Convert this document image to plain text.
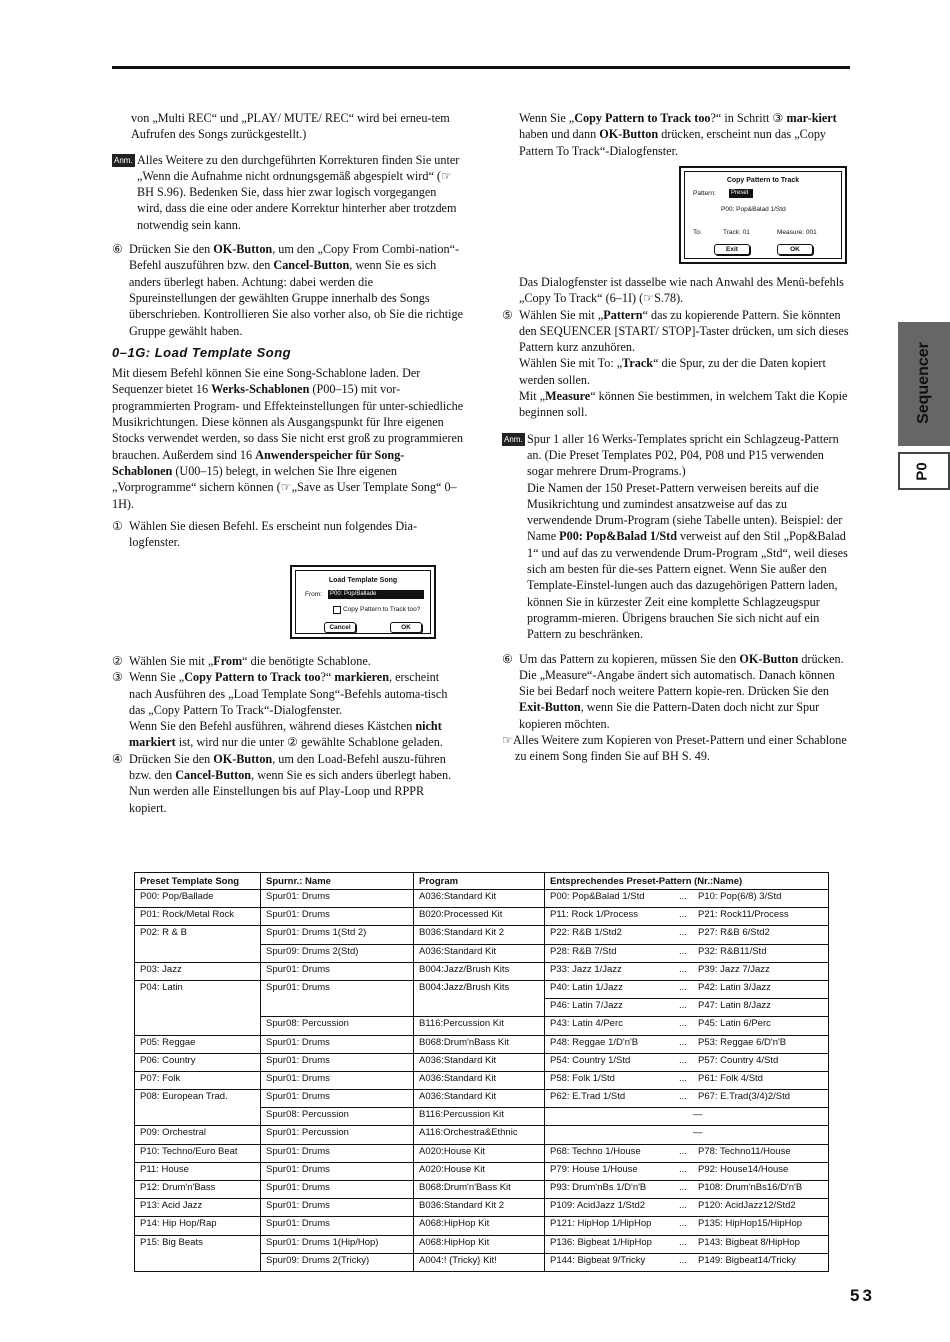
von „Multi REC“ und „PLAY/ MUTE/ REC“ wird bei erneu-tem Aufrufen des Songs zurückgestellt.)

Anm. Alles Weitere zu den durchgeführten Korrekturen finden Sie unter „Wenn die Aufnahme nicht ordnungsgemäß abgespielt wird“ (☞BH S.96). Bedenken Sie, dass hier zwar logisch vorgegangen wird, dass die eine oder andere Korrektur hinterher aber trotzdem notwendig sein kann.

⑥ Drücken Sie den OK-Button, um den „Copy From Combi-nation“-Befehl auszuführen bzw. den Cancel-Button, wenn Sie es sich anders überlegt haben. Achtung: dabei werden die Spureinstellungen der gewählten Gruppe innerhalb des Songs überschrieben. Kontrollieren Sie also vorher also, ob Sie die richtige Gruppe gewählt haben.

0–1G: Load Template Song

Mit diesem Befehl können Sie eine Song-Schablone laden. Der Sequenzer bietet 16 Werks-Schablonen (P00–15) mit vor-programmierten Program- und Effekteinstellungen für unter-schiedliche Musikrichtungen. Diese können als Ausgangspunkt für Ihre eigenen Stocks verwendet werden, so dass Sie nicht erst groß zu programmieren brauchen. Außerdem sind 16 Anwenderspeicher für Song-Schablonen (U00–15) belegt, in welchen Sie Ihre eigenen „Vorprogramme“ sichern können (☞„Save as User Template Song“ 0–1H).

① Wählen Sie diesen Befehl. Es erscheint nun folgendes Dia-logfenster.

Load Template Song
From:	P00: Pop/Ballade
Copy Pattern to Track too?
Cancel	OK

② Wählen Sie mit „From“ die benötigte Schablone.

③ Wenn Sie „Copy Pattern to Track too?“ markieren, erscheint nach Ausführen des „Load Template Song“-Befehls automa-tisch das „Copy Pattern To Track“-Dialogfenster.

Wenn Sie den Befehl ausführen, während dieses Kästchen nicht markiert ist, wird nur die unter ② gewählte Schablone geladen.

④ Drücken Sie den OK-Button, um den Load-Befehl auszu-führen bzw. den Cancel-Button, wenn Sie es sich anders überlegt haben. Nun werden alle Einstellungen bis auf Play-Loop und RPPR kopiert.

Wenn Sie „Copy Pattern to Track too?“ in Schritt ③ mar-kiert haben und dann OK-Button drücken, erscheint nun das „Copy Pattern To Track“-Dialogfenster.

Copy Pattern to Track
Pattern:	Preset
P00: Pop&Balad 1/Std
To:	Track: 01	Measure: 001
Exit	OK

Das Dialogfenster ist dasselbe wie nach Anwahl des Menü-befehls „Copy To Track“ (6–1I) (☞S.78).

⑤ Wählen Sie mit „Pattern“ das zu kopierende Pattern. Sie könnten den SEQUENCER [START/ STOP]-Taster drücken, um sich dieses Pattern kurz anzuhören.

Wählen Sie mit To: „Track“ die Spur, zu der die Daten kopiert werden sollen.

Mit „Measure“ können Sie bestimmen, in welchem Takt die Kopie beginnen soll.

Anm. Spur 1 aller 16 Werks-Templates spricht ein Schlagzeug-Pattern an. (Die Preset Templates P02, P04, P08 und P15 verwenden sogar mehrere Drum-Programs.)
Die Namen der 150 Preset-Pattern verweisen bereits auf die Musikrichtung und zumindest ansatzweise auf das zu verwendende Drum-Program (siehe Tabelle unten). Beispiel: der Name P00: Pop&Balad 1/Std verweist auf den Stil „Pop&Balad 1“ und auf das zu verwendende Drum-Program „Std“, weil dieses sich am besten für die-ses Pattern eignet. Wenn Sie außer den Template-Einstel-lungen auch das dazugehörigen Pattern laden, können Sie in kürzester Zeit eine komplette Schlagzeugspur programm-mieren. Übrigens brauchen Sie sich nicht auf ein Pattern zu beschränken.

⑥ Um das Pattern zu kopieren, müssen Sie den OK-Button drücken. Die „Measure“-Angabe ändert sich automatisch. Danach können Sie bei Bedarf noch weitere Pattern kopie-ren. Drücken Sie den Exit-Button, wenn Sie die Pattern-Daten doch nicht zur Spur kopieren möchten.

☞Alles Weitere zum Kopieren von Preset-Pattern und einer Schablone zu einem Song finden Sie auf BH S. 49.

Sequencer
P0
Preset Template Song	Spurnr.: Name	Program	Entsprechendes Preset-Pattern (Nr.:Name)		
P00: Pop/Ballade	Spur01: Drums	A036:Standard Kit	P00: Pop&Balad 1/Std	...	P10: Pop(6/8) 3/Std
P01: Rock/Metal Rock	Spur01: Drums	B020:Processed Kit	P11: Rock 1/Process	...	P21: Rock11/Process
P02: R & B	Spur01: Drums 1(Std 2)	B036:Standard Kit 2	P22: R&B 1/Std2	...	P27: R&B 6/Std2
	Spur09: Drums 2(Std)	A036:Standard Kit	P28: R&B 7/Std	...	P32: R&B11/Std
P03: Jazz	Spur01: Drums	B004:Jazz/Brush Kits	P33: Jazz 1/Jazz	...	P39: Jazz 7/Jazz
P04: Latin	Spur01: Drums	B004:Jazz/Brush Kits	P40: Latin 1/Jazz	...	P42: Latin 3/Jazz
			P46: Latin 7/Jazz	...	P47: Latin 8/Jazz
	Spur08: Percussion	B116:Percussion Kit	P43: Latin 4/Perc	...	P45: Latin 6/Perc
P05: Reggae	Spur01: Drums	B068:Drum'nBass Kit	P48: Reggae 1/D'n'B	...	P53: Reggae 6/D'n'B
P06: Country	Spur01: Drums	A036:Standard Kit	P54: Country 1/Std	...	P57: Country 4/Std
P07: Folk	Spur01: Drums	A036:Standard Kit	P58: Folk 1/Std	...	P61: Folk 4/Std
P08: European Trad.	Spur01: Drums	A036:Standard Kit	P62: E.Trad 1/Std	...	P67: E.Trad(3/4)2/Std
	Spur08: Percussion	B116:Percussion Kit			—
P09: Orchestral	Spur01: Percussion	A116:Orchestra&Ethnic			—
P10: Techno/Euro Beat	Spur01: Drums	A020:House Kit	P68: Techno 1/House	...	P78: Techno11/House
P11: House	Spur01: Drums	A020:House Kit	P79: House 1/House	...	P92: House14/House
P12: Drum'n'Bass	Spur01: Drums	B068:Drum'n'Bass Kit	P93: Drum'nBs 1/D'n'B	...	P108: Drum'nBs16/D'n'B
P13: Acid Jazz	Spur01: Drums	B036:Standard Kit 2	P109: AcidJazz 1/Std2	...	P120: AcidJazz12/Std2
P14: Hip Hop/Rap	Spur01: Drums	A068:HipHop Kit	P121: HipHop 1/HipHop	...	P135: HipHop15/HipHop
P15: Big Beats	Spur01: Drums 1(Hip/Hop)	A068:HipHop Kit	P136: Bigbeat 1/HipHop	...	P143: Bigbeat 8/HipHop
	Spur09: Drums 2(Tricky)	A004:! {Tricky} Kit!	P144: Bigbeat 9/Tricky	...	P149: Bigbeat14/Tricky
53
